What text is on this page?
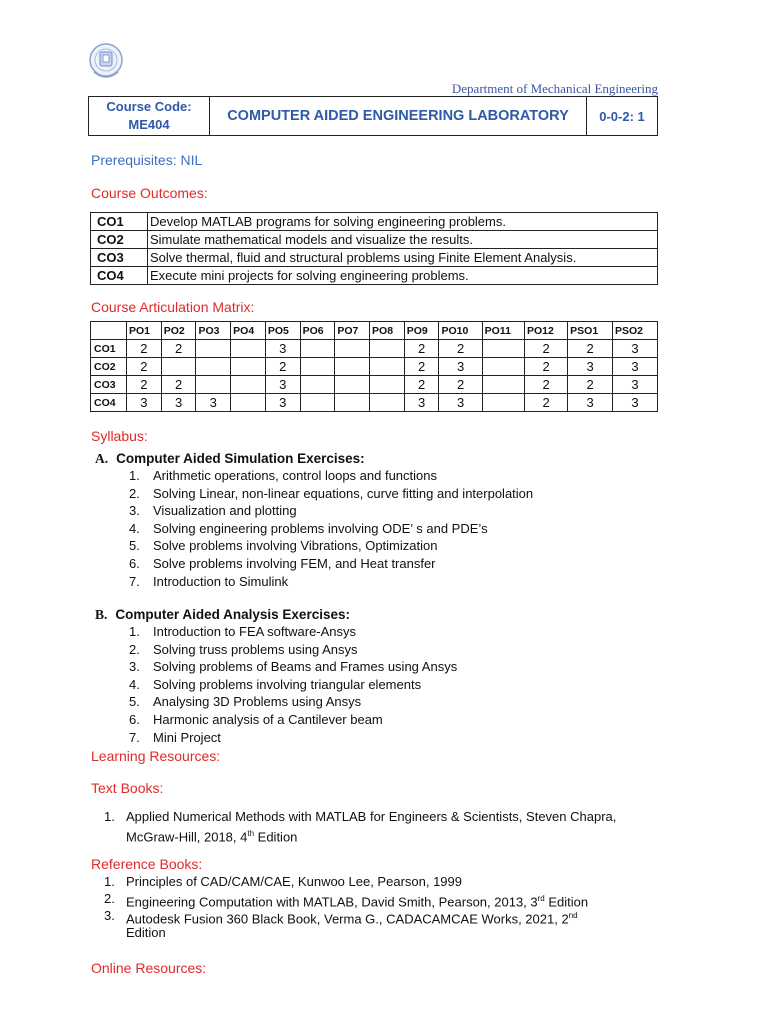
Department of Mechanical Engineering
Course Code:
ME404
	COMPUTER AIDED ENGINEERING LABORATORY	0-0-2: 1
Prerequisites: NIL
Course Outcomes:
CO1	Develop MATLAB programs for solving engineering problems.
CO2	Simulate mathematical models and visualize the results.
CO3	Solve thermal, fluid and structural problems using Finite Element Analysis.
CO4	Execute mini projects for solving engineering problems.
Course Articulation Matrix:
	PO1	PO2	PO3	PO4	PO5	PO6	PO7	PO8	PO9	PO10	PO11	PO12	PSO1	PSO2
CO1	2	2			3				2	2		2	2	3
CO2	2				2				2	3		2	3	3
CO3	2	2			3				2	2		2	2	3
CO4	3	3	3		3				3	3		2	3	3
Syllabus:
A. Computer Aided Simulation Exercises:
1. Arithmetic operations, control loops and functions
2. Solving Linear, non-linear equations, curve fitting and interpolation
3. Visualization and plotting
4. Solving engineering problems involving ODE’ s and PDE’s
5. Solve problems involving Vibrations, Optimization
6. Solve problems involving FEM, and Heat transfer
7. Introduction to Simulink
B. Computer Aided Analysis Exercises:
1. Introduction to FEA software-Ansys
2. Solving truss problems using Ansys
3. Solving problems of Beams and Frames using Ansys
4. Solving problems involving triangular elements
5. Analysing 3D Problems using Ansys
6. Harmonic analysis of a Cantilever beam
7. Mini Project
Learning Resources:
Text Books:
1. Applied Numerical Methods with MATLAB for Engineers & Scientists, Steven Chapra,
McGraw-Hill, 2018, 4th Edition
Reference Books:
1. Principles of CAD/CAM/CAE, Kunwoo Lee, Pearson, 1999
2. Engineering Computation with MATLAB, David Smith, Pearson, 2013, 3rd Edition
3. Autodesk Fusion 360 Black Book, Verma G., CADACAMCAE Works, 2021, 2nd
Edition
Online Resources:
